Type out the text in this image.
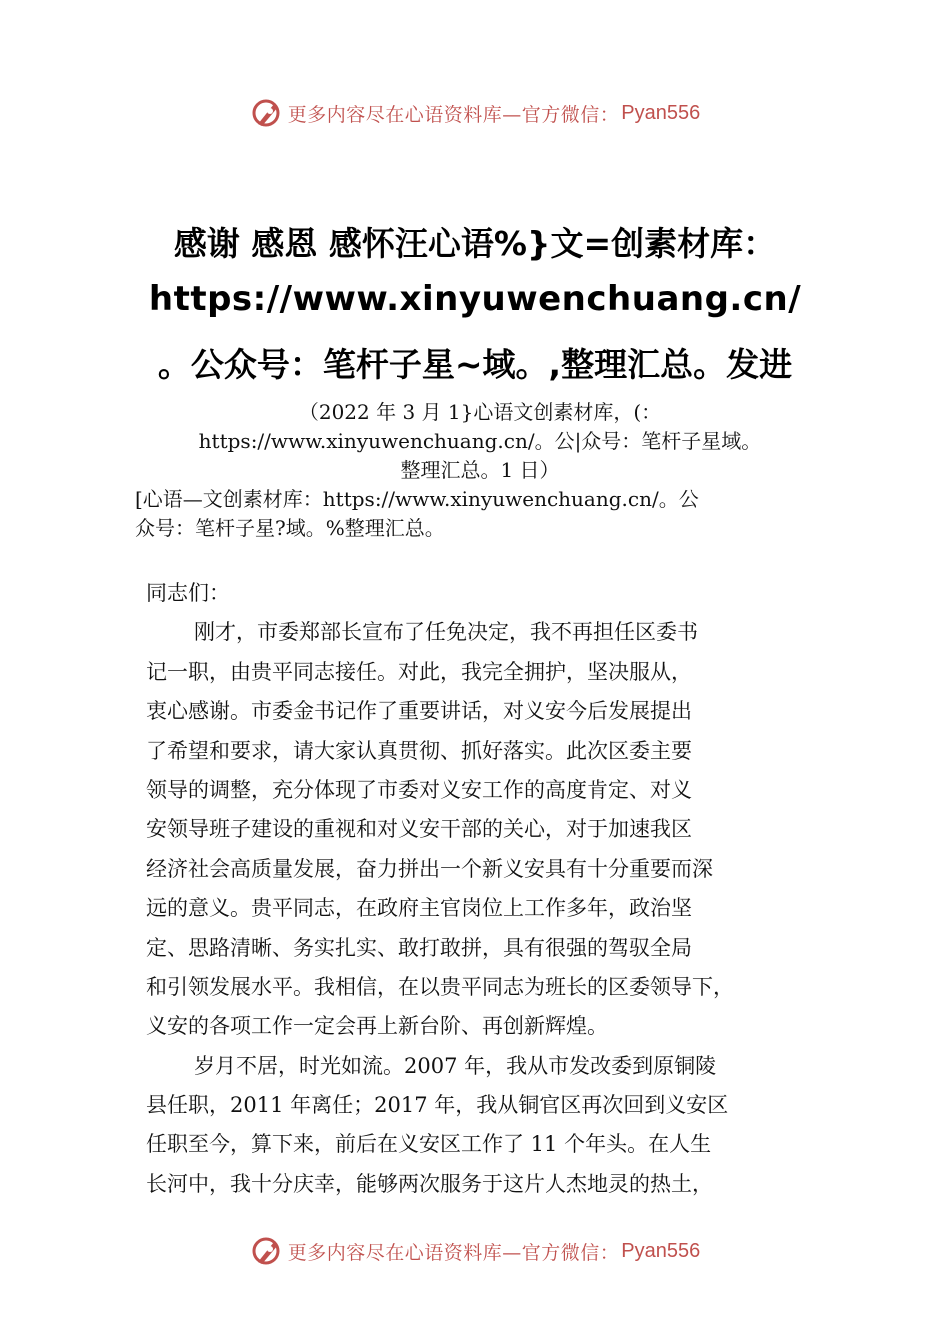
更多内容尽在心语资料库—官方微信： Pyan556
感谢 感恩 感怀汪心语%}文=创素材库：
https://www.xinyuwenchuang.cn/
。公众号：笔杆子星~域。,整理汇总。发进
（2022 年 3 月 1}心语文创素材库，(：
https://www.xinyuwenchuang.cn/。公|众号：笔杆子星域。
整理汇总。1 日）
[心语—文创素材库：https://www.xinyuwenchuang.cn/。公
众号：笔杆子星?域。%整理汇总。
同志们：
刚才，市委郑部长宣布了任免决定，我不再担任区委书
记一职，由贵平同志接任。对此，我完全拥护，坚决服从，
衷心感谢。市委金书记作了重要讲话，对义安今后发展提出
了希望和要求，请大家认真贯彻、抓好落实。此次区委主要
领导的调整，充分体现了市委对义安工作的高度肯定、对义
安领导班子建设的重视和对义安干部的关心，对于加速我区
经济社会高质量发展，奋力拼出一个新义安具有十分重要而深
远的意义。贵平同志，在政府主官岗位上工作多年，政治坚
定、思路清晰、务实扎实、敢打敢拼，具有很强的驾驭全局
和引领发展水平。我相信，在以贵平同志为班长的区委领导下，
义安的各项工作一定会再上新台阶、再创新辉煌。
岁月不居，时光如流。2007 年，我从市发改委到原铜陵
县任职，2011 年离任；2017 年，我从铜官区再次回到义安区
任职至今，算下来，前后在义安区工作了 11 个年头。在人生
长河中，我十分庆幸，能够两次服务于这片人杰地灵的热土，
更多内容尽在心语资料库—官方微信： Pyan556
